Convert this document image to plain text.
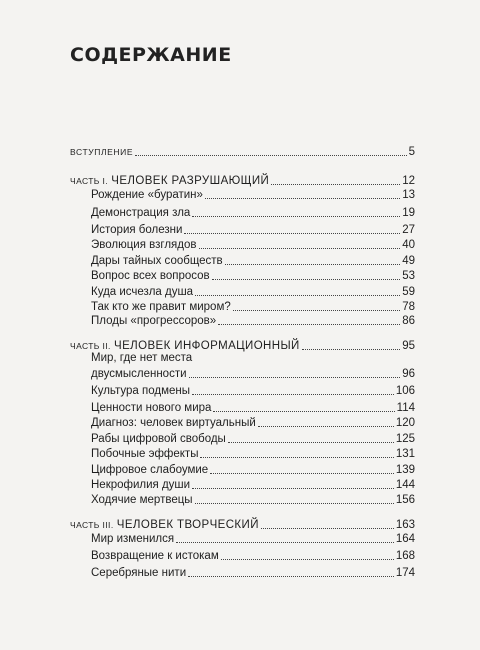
СОДЕРЖАНИЕ
ВСТУПЛЕНИЕ	5
ЧАСТЬ I. ЧЕЛОВЕК РАЗРУШАЮЩИЙ	12
Рождение «буратин»	13
Демонстрация зла	19
История болезни	27
Эволюция взглядов	40
Дары тайных сообществ	49
Вопрос всех вопросов	53
Куда исчезла душа	59
Так кто же правит миром?	78
Плоды «прогрессоров»	86
ЧАСТЬ II. ЧЕЛОВЕК ИНФОРМАЦИОННЫЙ	95
Мир, где нет места
двусмысленности	96
Культура подмены	106
Ценности нового мира	114
Диагноз: человек виртуальный	120
Рабы цифровой свободы	125
Побочные эффекты	131
Цифровое слабоумие	139
Некрофилия души	144
Ходячие мертвецы	156
ЧАСТЬ III. ЧЕЛОВЕК ТВОРЧЕСКИЙ	163
Мир изменился	164
Возвращение к истокам	168
Серебряные нити	174
